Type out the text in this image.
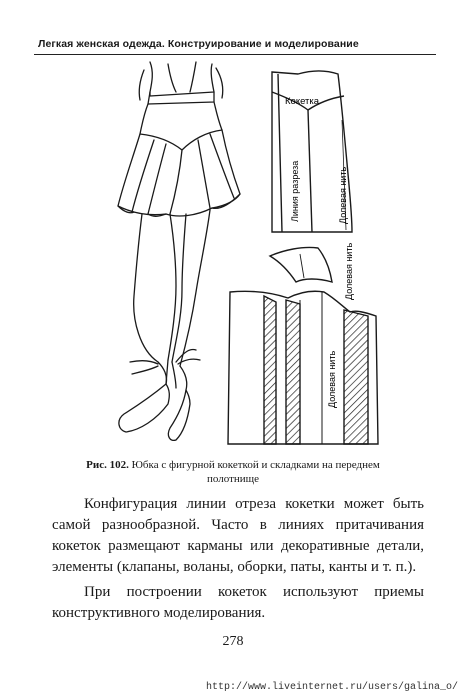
Легкая женская одежда. Конструирование и моделирование
Кокетка
Линия разреза	Долевая нить
Долевая нить
Долевая нить
Рис. 102. Юбка с фигурной кокеткой и складками на переднем полотнище

Конфигурация линии отреза кокетки может быть самой разнообразной. Часто в линиях притачивания кокеток размещают карманы или декоративные детали, элементы (клапаны, воланы, оборки, паты, канты и т. п.).

При построении кокеток используют приемы конструктивного моделирования.

278
http://www.liveinternet.ru/users/galina_o/
